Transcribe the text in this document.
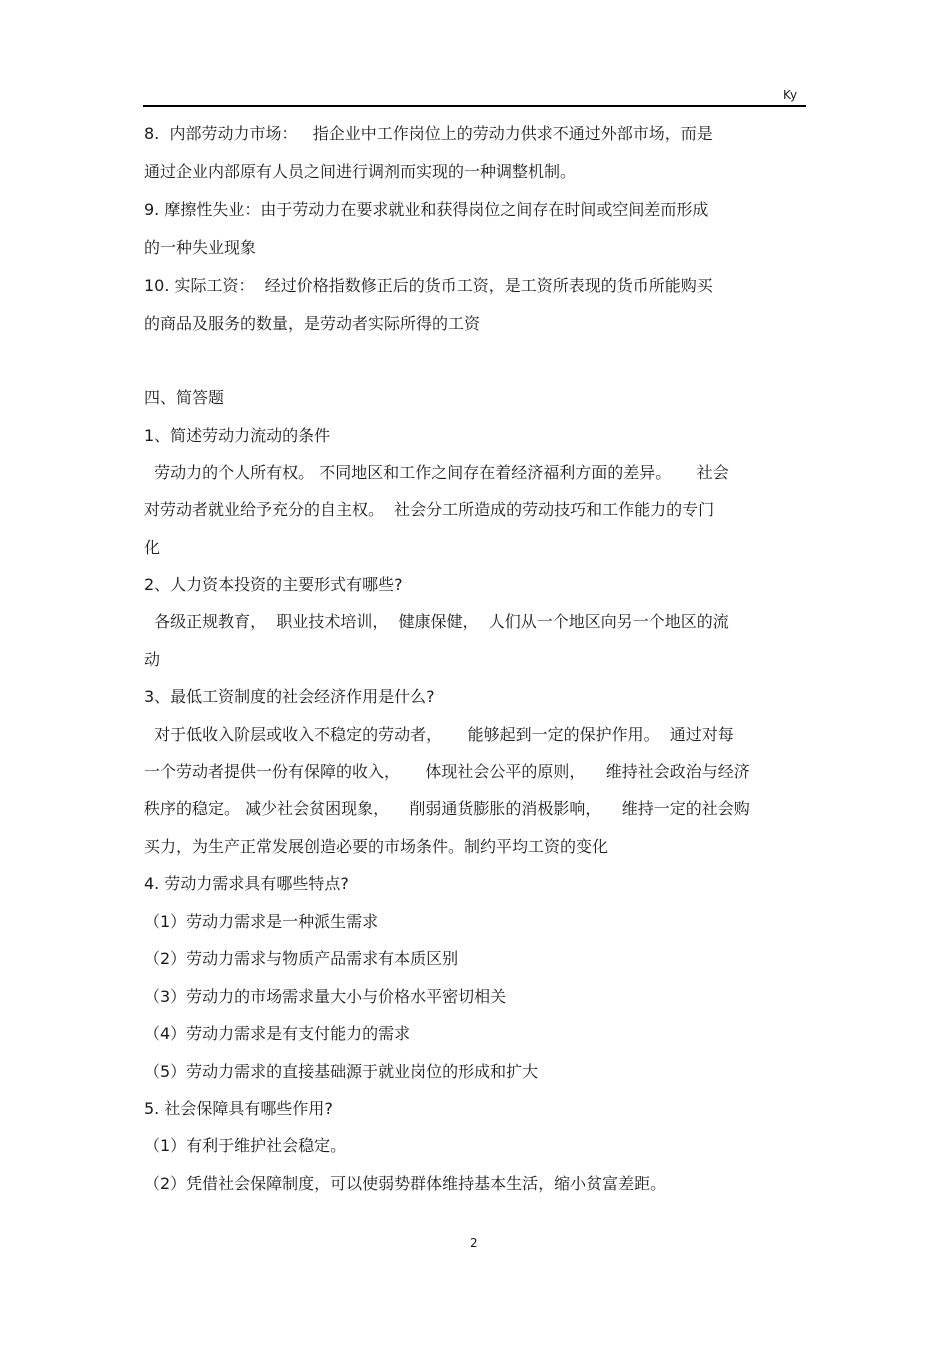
Ky
8.  内部劳动力市场：   指企业中工作岗位上的劳动力供求不通过外部市场，而是
通过企业内部原有人员之间进行调剂而实现的一种调整机制。
9. 摩擦性失业：由于劳动力在要求就业和获得岗位之间存在时间或空间差而形成
的一种失业现象
10. 实际工资：  经过价格指数修正后的货币工资，是工资所表现的货币所能购买
的商品及服务的数量，是劳动者实际所得的工资
四、简答题
1、简述劳动力流动的条件
劳动力的个人所有权。 不同地区和工作之间存在着经济福利方面的差异。     社会
对劳动者就业给予充分的自主权。  社会分工所造成的劳动技巧和工作能力的专门
化
2、人力资本投资的主要形式有哪些?
各级正规教育，  职业技术培训，  健康保健，  人们从一个地区向另一个地区的流
动
3、最低工资制度的社会经济作用是什么?
对于低收入阶层或收入不稳定的劳动者，     能够起到一定的保护作用。  通过对每
一个劳动者提供一份有保障的收入，     体现社会公平的原则，    维持社会政治与经济
秩序的稳定。 减少社会贫困现象，    削弱通货膨胀的消极影响，    维持一定的社会购
买力，为生产正常发展创造必要的市场条件。制约平均工资的变化
4. 劳动力需求具有哪些特点?
（1）劳动力需求是一种派生需求
（2）劳动力需求与物质产品需求有本质区别
（3）劳动力的市场需求量大小与价格水平密切相关
（4）劳动力需求是有支付能力的需求
（5）劳动力需求的直接基础源于就业岗位的形成和扩大
5. 社会保障具有哪些作用?
（1）有利于维护社会稳定。
（2）凭借社会保障制度，可以使弱势群体维持基本生活，缩小贫富差距。
2
